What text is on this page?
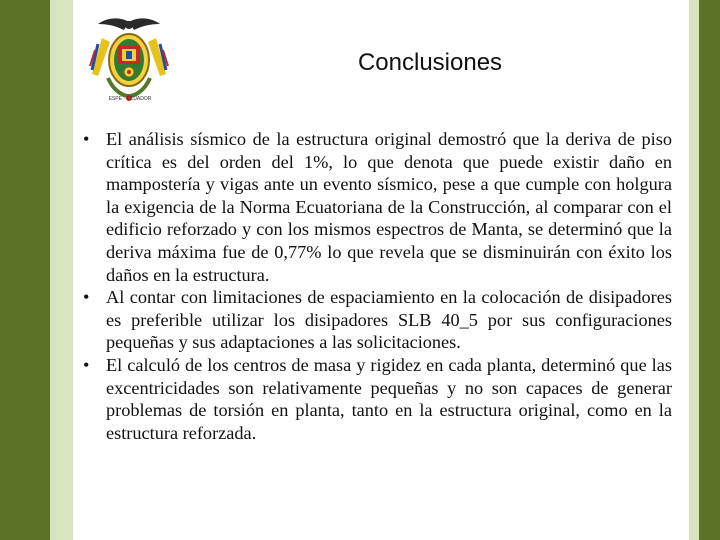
ESPE · ECUADOR
Conclusiones
• El análisis sísmico de la estructura original demostró que la deriva de piso crítica es del orden del 1%, lo que denota que puede existir daño en mampostería y vigas ante un evento sísmico, pese a que cumple con holgura la exigencia de la Norma Ecuatoriana de la Construcción, al comparar con el edificio reforzado y con los mismos espectros de Manta, se determinó que la deriva máxima fue de 0,77% lo que revela que se disminuirán con éxito los daños en la estructura.
• Al contar con limitaciones de espaciamiento en la colocación de disipadores es preferible utilizar los disipadores SLB 40_5 por sus configuraciones pequeñas y sus adaptaciones a las solicitaciones.
• El calculó de los centros de masa y rigidez en cada planta, determinó que las excentricidades son relativamente pequeñas y no son capaces de generar problemas de torsión en planta, tanto en la estructura original, como en la estructura reforzada.
